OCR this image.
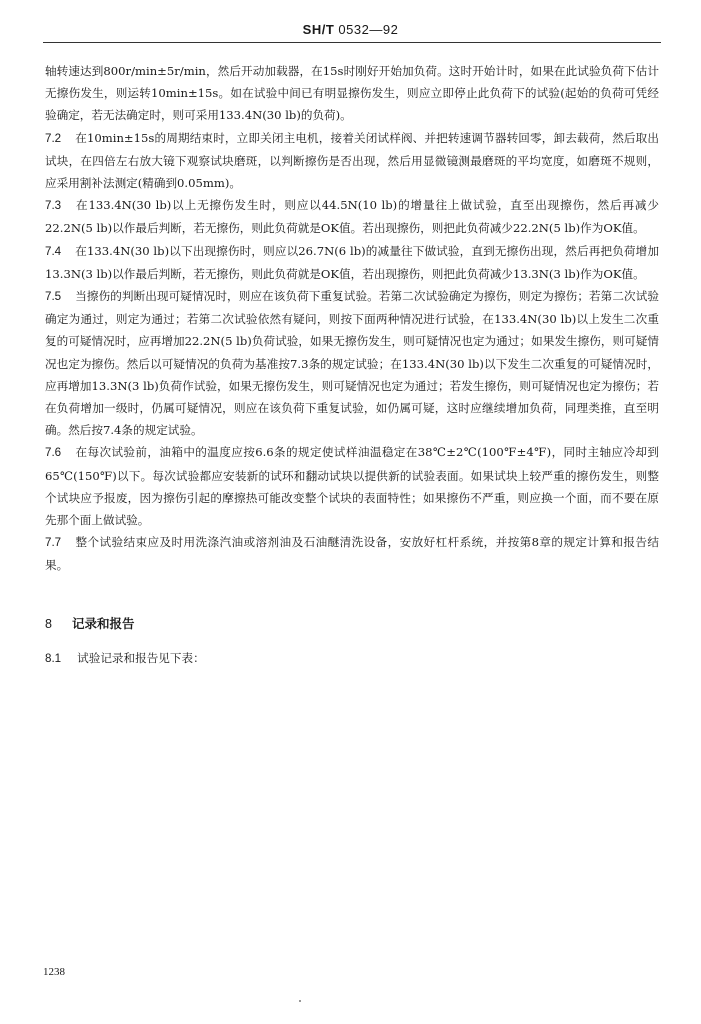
SH/T 0532—92

轴转速达到800r/min±5r/min，然后开动加载器，在15s时刚好开始加负荷。这时开始计时，如果在此试验负荷下估计无擦伤发生，则运转10min±15s。如在试验中间已有明显擦伤发生，则应立即停止此负荷下的试验(起始的负荷可凭经验确定，若无法确定时，则可采用133.4N(30 lb)的负荷)。

7.2 在10min±15s的周期结束时，立即关闭主电机，接着关闭试样阀、并把转速调节器转回零，卸去载荷，然后取出试块，在四倍左右放大镜下观察试块磨斑，以判断擦伤是否出现，然后用显微镜测最磨斑的平均宽度，如磨斑不规则，应采用割补法测定(精确到0.05mm)。

7.3 在133.4N(30 lb)以上无擦伤发生时，则应以44.5N(10 lb)的增量往上做试验，直至出现擦伤，然后再减少22.2N(5 lb)以作最后判断，若无擦伤，则此负荷就是OK值。若出现擦伤，则把此负荷减少22.2N(5 lb)作为OK值。

7.4 在133.4N(30 lb)以下出现擦伤时，则应以26.7N(6 lb)的减量往下做试验，直到无擦伤出现，然后再把负荷增加13.3N(3 lb)以作最后判断，若无擦伤，则此负荷就是OK值，若出现擦伤，则把此负荷减少13.3N(3 lb)作为OK值。

7.5 当擦伤的判断出现可疑情况时，则应在该负荷下重复试验。若第二次试验确定为擦伤，则定为擦伤；若第二次试验确定为通过，则定为通过；若第二次试验依然有疑问，则按下面两种情况进行试验，在133.4N(30 lb)以上发生二次重复的可疑情况时，应再增加22.2N(5 lb)负荷试验，如果无擦伤发生，则可疑情况也定为通过；如果发生擦伤，则可疑情况也定为擦伤。然后以可疑情况的负荷为基准按7.3条的规定试验；在133.4N(30 lb)以下发生二次重复的可疑情况时，应再增加13.3N(3 lb)负荷作试验，如果无擦伤发生，则可疑情况也定为通过；若发生擦伤，则可疑情况也定为擦伤；若在负荷增加一级时，仍属可疑情况，则应在该负荷下重复试验，如仍属可疑，这时应继续增加负荷，同理类推，直至明确。然后按7.4条的规定试验。

7.6 在每次试验前，油箱中的温度应按6.6条的规定使试样油温稳定在38℃±2℃(100℉±4℉)，同时主轴应冷却到65℃(150℉)以下。每次试验都应安装新的试环和翻动试块以提供新的试验表面。如果试块上较严重的擦伤发生，则整个试块应予报废，因为擦伤引起的摩擦热可能改变整个试块的表面特性；如果擦伤不严重，则应换一个面，而不要在原先那个面上做试验。

7.7 整个试验结束应及时用洗涤汽油或溶剂油及石油醚清洗设备，安放好杠杆系统，并按第8章的规定计算和报告结果。

8 记录和报告
8.1 试验记录和报告见下表：
1238
